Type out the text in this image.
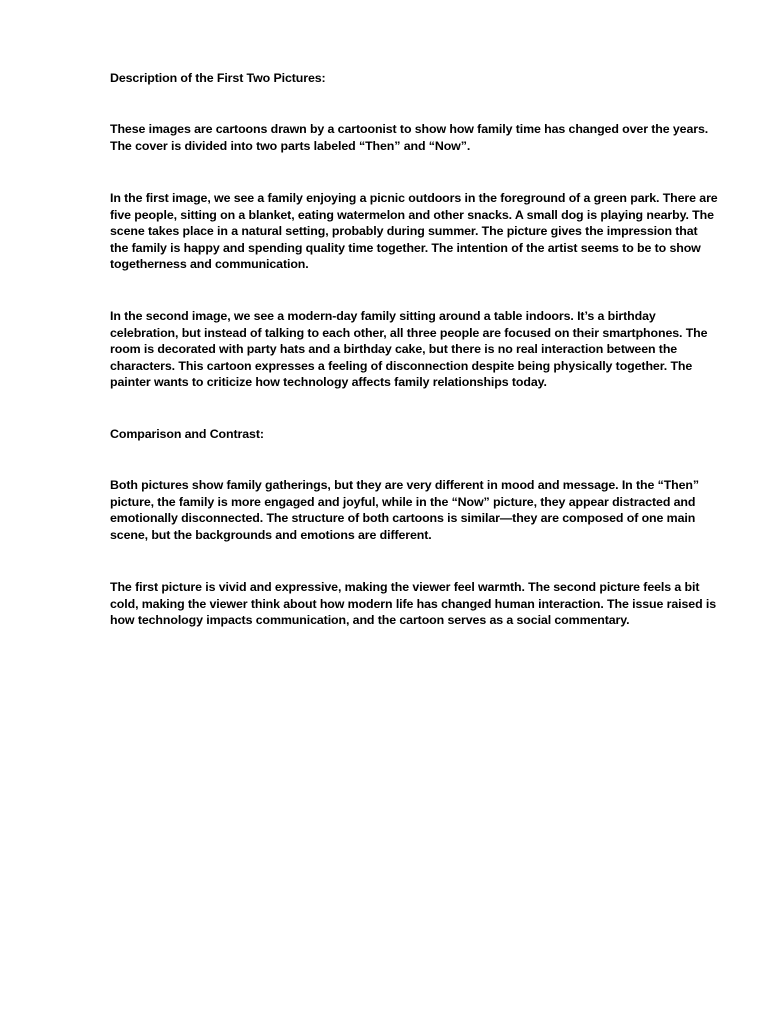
Description of the First Two Pictures:

These images are cartoons drawn by a cartoonist to show how family time has changed over the years. The cover is divided into two parts labeled “Then” and “Now”.

In the first image, we see a family enjoying a picnic outdoors in the foreground of a green park. There are five people, sitting on a blanket, eating watermelon and other snacks. A small dog is playing nearby. The scene takes place in a natural setting, probably during summer. The picture gives the impression that the family is happy and spending quality time together. The intention of the artist seems to be to show togetherness and communication.

In the second image, we see a modern-day family sitting around a table indoors. It’s a birthday celebration, but instead of talking to each other, all three people are focused on their smartphones. The room is decorated with party hats and a birthday cake, but there is no real interaction between the characters. This cartoon expresses a feeling of disconnection despite being physically together. The painter wants to criticize how technology affects family relationships today.

Comparison and Contrast:

Both pictures show family gatherings, but they are very different in mood and message. In the “Then” picture, the family is more engaged and joyful, while in the “Now” picture, they appear distracted and emotionally disconnected. The structure of both cartoons is similar—they are composed of one main scene, but the backgrounds and emotions are different.

The first picture is vivid and expressive, making the viewer feel warmth. The second picture feels a bit cold, making the viewer think about how modern life has changed human interaction. The issue raised is how technology impacts communication, and the cartoon serves as a social commentary.
